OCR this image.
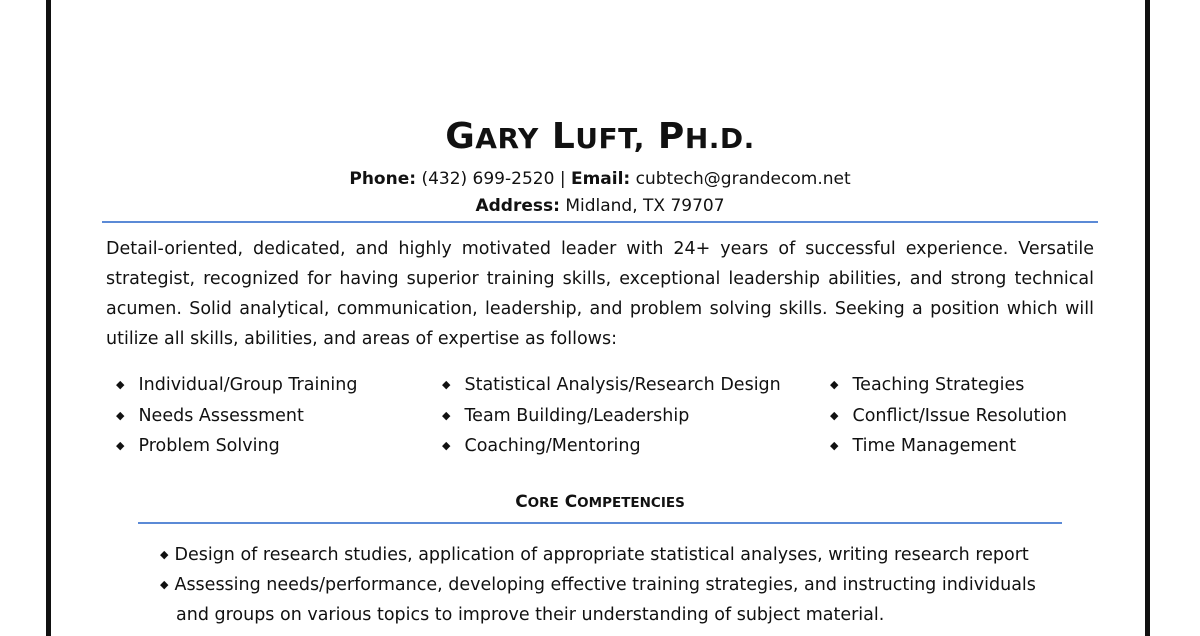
GARY LUFT, PH.D.
Phone: (432) 699-2520 | Email: cubtech@grandecom.net
Address: Midland, TX 79707
Detail-oriented, dedicated, and highly motivated leader with 24+ years of successful experience. Versatile strategist, recognized for having superior training skills, exceptional leadership abilities, and strong technical acumen. Solid analytical, communication, leadership, and problem solving skills. Seeking a position which will utilize all skills, abilities, and areas of expertise as follows:
◆ Individual/Group Training
◆ Needs Assessment
◆ Problem Solving
◆ Statistical Analysis/Research Design
◆ Team Building/Leadership
◆ Coaching/Mentoring
◆ Teaching Strategies
◆ Conflict/Issue Resolution
◆ Time Management
CORE COMPETENCIES
◆ Design of research studies, application of appropriate statistical analyses, writing research report
◆ Assessing needs/performance, developing effective training strategies, and instructing individuals and groups on various topics to improve their understanding of subject material.
